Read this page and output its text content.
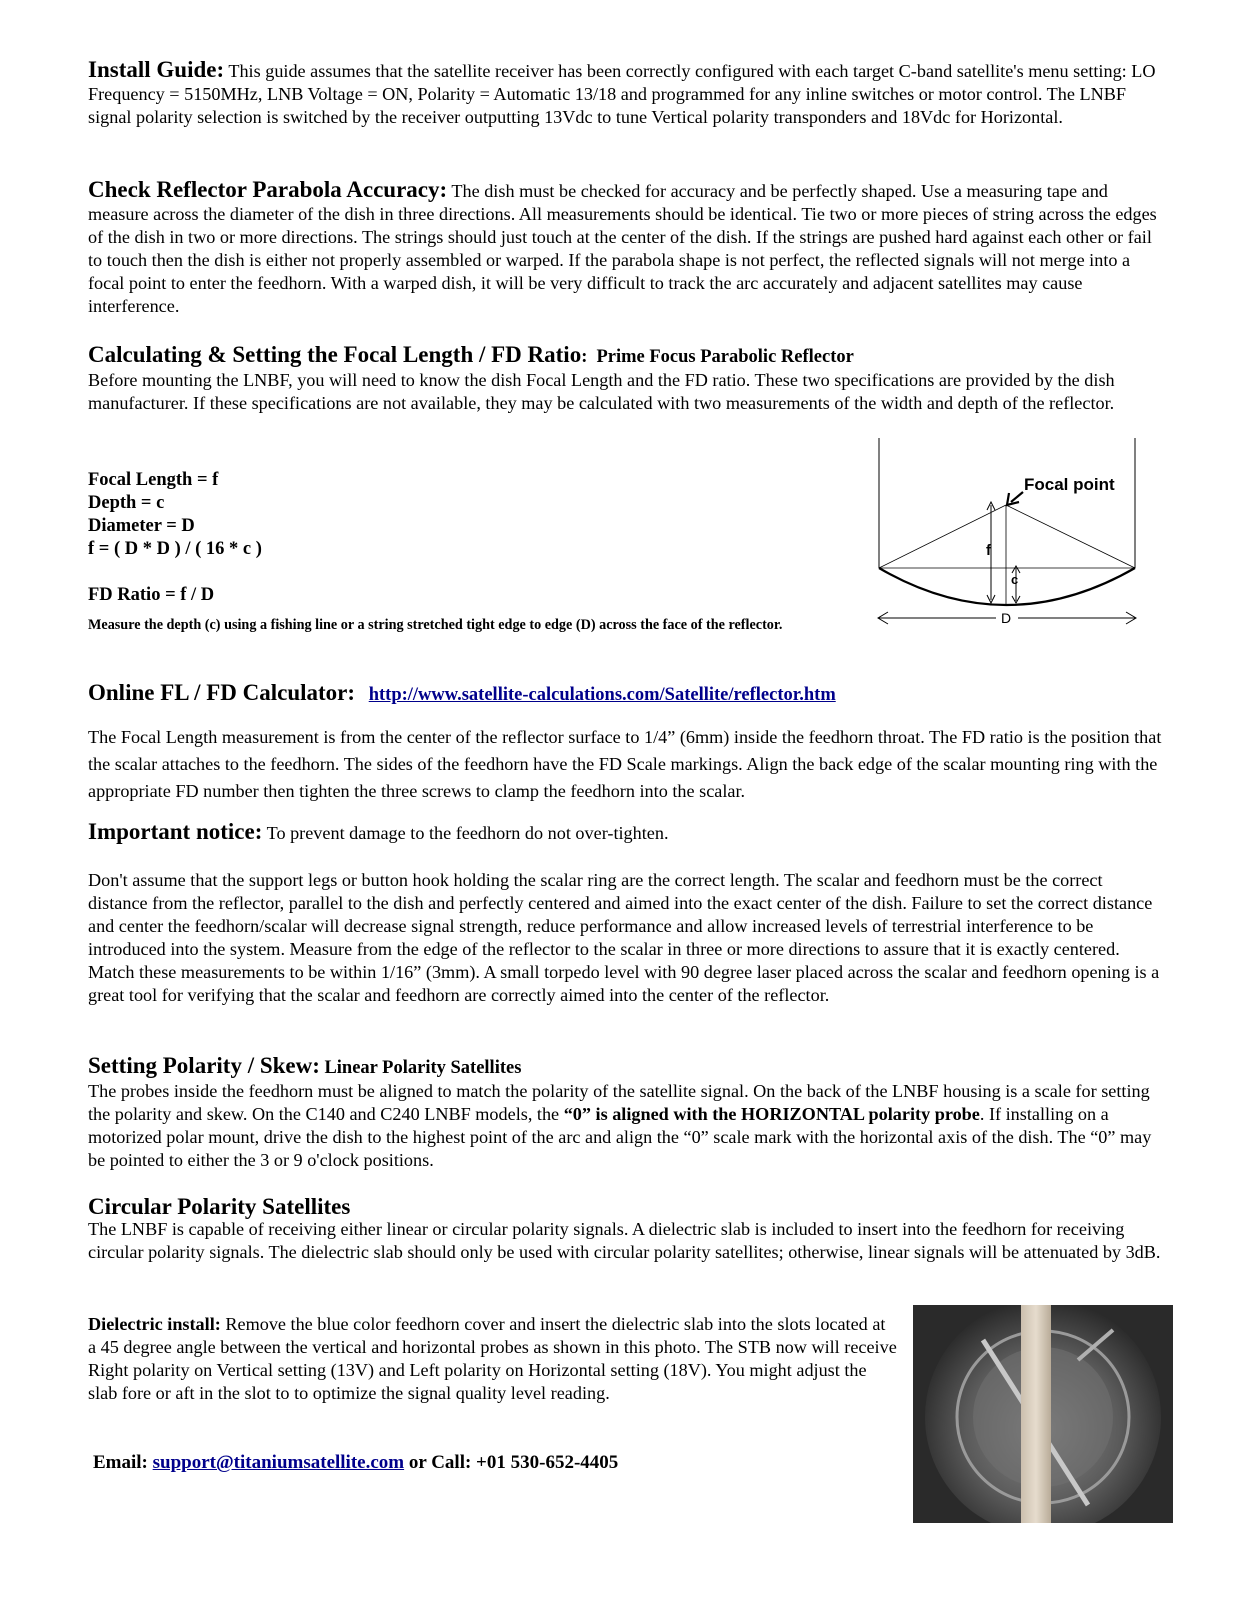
Install Guide: This guide assumes that the satellite receiver has been correctly configured with each target C-band satellite's menu setting: LO Frequency = 5150MHz, LNB Voltage = ON, Polarity = Automatic 13/18 and programmed for any inline switches or motor control. The LNBF signal polarity selection is switched by the receiver outputting 13Vdc to tune Vertical polarity transponders and 18Vdc for Horizontal.

Check Reflector Parabola Accuracy: The dish must be checked for accuracy and be perfectly shaped. Use a measuring tape and measure across the diameter of the dish in three directions. All measurements should be identical. Tie two or more pieces of string across the edges of the dish in two or more directions. The strings should just touch at the center of the dish. If the strings are pushed hard against each other or fail to touch then the dish is either not properly assembled or warped. If the parabola shape is not perfect, the reflected signals will not merge into a focal point to enter the feedhorn. With a warped dish, it will be very difficult to track the arc accurately and adjacent satellites may cause interference.

Calculating & Setting the Focal Length / FD Ratio: Prime Focus Parabolic Reflector

Before mounting the LNBF, you will need to know the dish Focal Length and the FD ratio. These two specifications are provided by the dish manufacturer. If these specifications are not available, they may be calculated with two measurements of the width and depth of the reflector.

Focal Length = f
Depth = c
Diameter = D
f = ( D * D ) / ( 16 * c )
FD Ratio = f / D
Measure the depth (c) using a fishing line or a string stretched tight edge to edge (D) across the face of the reflector.
Focal point
f
c
D
Online FL / FD Calculator: http://www.satellite-calculations.com/Satellite/reflector.htm

The Focal Length measurement is from the center of the reflector surface to 1/4” (6mm) inside the feedhorn throat. The FD ratio is the position that the scalar attaches to the feedhorn. The sides of the feedhorn have the FD Scale markings. Align the back edge of the scalar mounting ring with the appropriate FD number then tighten the three screws to clamp the feedhorn into the scalar.

Important notice: To prevent damage to the feedhorn do not over-tighten.

Don't assume that the support legs or button hook holding the scalar ring are the correct length. The scalar and feedhorn must be the correct distance from the reflector, parallel to the dish and perfectly centered and aimed into the exact center of the dish. Failure to set the correct distance and center the feedhorn/scalar will decrease signal strength, reduce performance and allow increased levels of terrestrial interference to be introduced into the system. Measure from the edge of the reflector to the scalar in three or more directions to assure that it is exactly centered. Match these measurements to be within 1/16” (3mm). A small torpedo level with 90 degree laser placed across the scalar and feedhorn opening is a great tool for verifying that the scalar and feedhorn are correctly aimed into the center of the reflector.

Setting Polarity / Skew: Linear Polarity Satellites

The probes inside the feedhorn must be aligned to match the polarity of the satellite signal. On the back of the LNBF housing is a scale for setting the polarity and skew. On the C140 and C240 LNBF models, the “0” is aligned with the HORIZONTAL polarity probe. If installing on a motorized polar mount, drive the dish to the highest point of the arc and align the “0” scale mark with the horizontal axis of the dish. The “0” may be pointed to either the 3 or 9 o'clock positions.

Circular Polarity Satellites

The LNBF is capable of receiving either linear or circular polarity signals. A dielectric slab is included to insert into the feedhorn for receiving circular polarity signals. The dielectric slab should only be used with circular polarity satellites; otherwise, linear signals will be attenuated by 3dB.

Dielectric install: Remove the blue color feedhorn cover and insert the dielectric slab into the slots located at a 45 degree angle between the vertical and horizontal probes as shown in this photo. The STB now will receive Right polarity on Vertical setting (13V) and Left polarity on Horizontal setting (18V). You might adjust the slab fore or aft in the slot to to optimize the signal quality level reading.

Email: support@titaniumsatellite.com or Call: +01 530-652-4405
